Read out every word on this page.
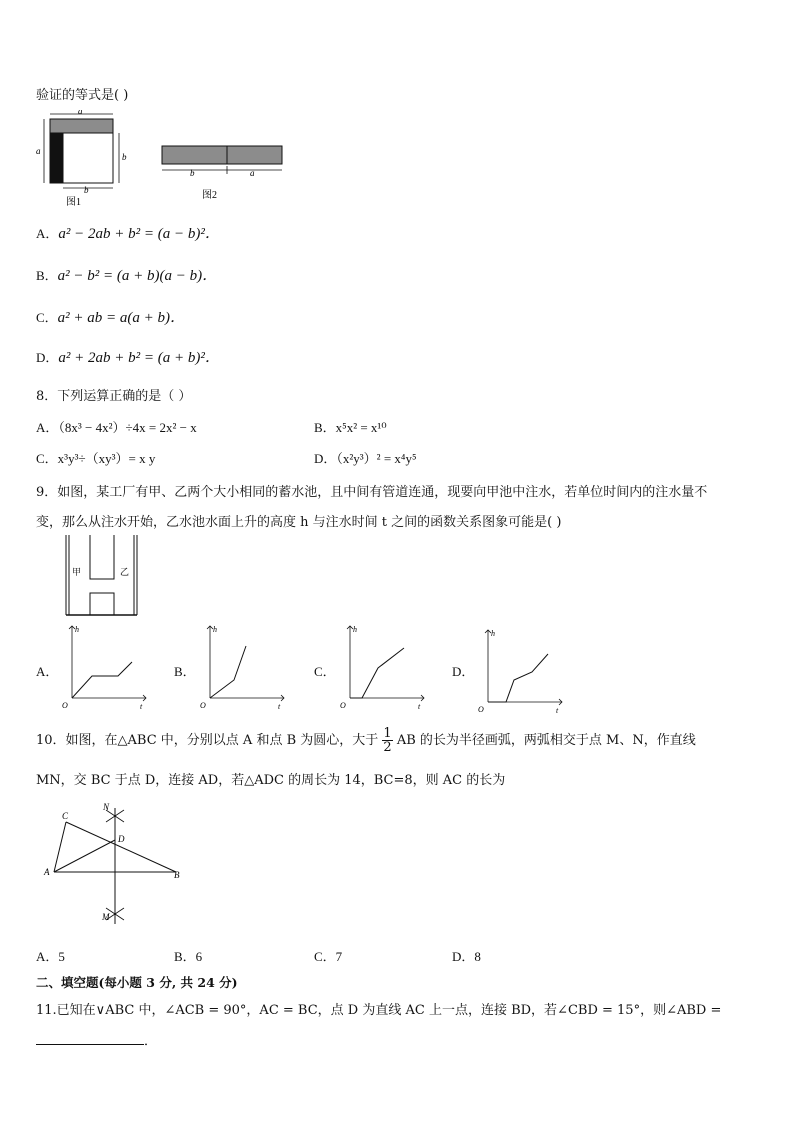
验证的等式是( )
a
a
b
b
图1
b	a
图2
A．a² − 2ab + b² = (a − b)²．
B．a² − b² = (a + b)(a − b)．
C．a² + ab = a(a + b)．
D．a² + 2ab + b² = (a + b)²．
8．下列运算正确的是（ ）
A．（8x³ − 4x²）÷4x = 2x² − x	B．x⁵x² = x¹⁰
C．x³y³÷（xy³）= x y	D．（x²y³）² = x⁴y⁵
9．如图，某工厂有甲、乙两个大小相同的蓄水池，且中间有管道连通，现要向甲池中注水，若单位时间内的注水量不
变，那么从注水开始，乙水池水面上升的高度 h 与注水时间 t 之间的函数关系图象可能是( )
甲	乙
A．
h
t
O
B．
h
t
O
C．
h
t
O
D．
h
t
O
10．如图，在△ABC 中，分别以点 A 和点 B 为圆心，大于 $\frac{1}{2}$ AB 的长为半径画弧，两弧相交于点 M、N，作直线
MN，交 BC 于点 D，连接 AD，若△ADC 的周长为 14，BC=8，则 AC 的长为
C
N
D
A	B
M
A．5	B．6	C．7	D．8
二、填空题(每小题 3 分, 共 24 分)
11.已知在∨ABC 中，∠ACB = 90°，AC = BC，点 D 为直线 AC 上一点，连接 BD，若∠CBD = 15°，则∠ABD =
．
